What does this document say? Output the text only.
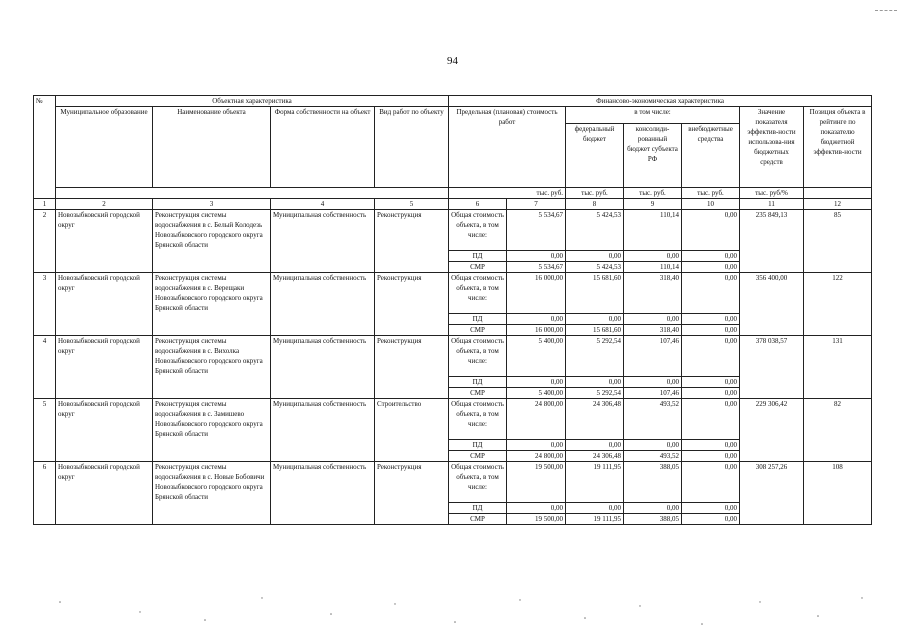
94
№	Объектная характеристика				Финансово-экономическая характеристика						
	Муниципальное образование	Наименование объекта	Форма собственности на объект	Вид работ по объекту	Предельная (плановая) стоимость работ		в том числе:			Значение показателя эффектив-ности использова-ния бюджетных средств	Позиция объекта в рейтинге по показателю бюджетной эффектив-ности
							федеральный бюджет	консолиди-рованный бюджет субъекта РФ	внебюджетные средства		
					тыс. руб.		тыс. руб.	тыс. руб.	тыс. руб.	тыс. руб/%	
1	2	3	4	5	6	7	8	9	10	11	12
2	Новозыбковский городской округ	Реконструкция системы водоснабжения в с. Белый Колодезь Новозыбковского городского округа Брянской области	Муниципальная собственность	Реконструкция	Общая стоимость объекта, в том числе:	5 534,67	5 424,53	110,14	0,00	235 849,13	85
					ПД	0,00	0,00	0,00	0,00		
					СМР	5 534,67	5 424,53	110,14	0,00		
3	Новозыбковский городской округ	Реконструкция системы водоснабжения в с. Верещаки Новозыбковского городского округа Брянской области	Муниципальная собственность	Реконструкция	Общая стоимость объекта, в том числе:	16 000,00	15 681,60	318,40	0,00	356 400,00	122
					ПД	0,00	0,00	0,00	0,00		
					СМР	16 000,00	15 681,60	318,40	0,00		
4	Новозыбковский городской округ	Реконструкция системы водоснабжения в с. Вихолка Новозыбковского городского округа Брянской области	Муниципальная собственность	Реконструкция	Общая стоимость объекта, в том числе:	5 400,00	5 292,54	107,46	0,00	378 038,57	131
					ПД	0,00	0,00	0,00	0,00		
					СМР	5 400,00	5 292,54	107,46	0,00		
5	Новозыбковский городской округ	Реконструкция системы водоснабжения в с. Замишево Новозыбковского городского округа Брянской области	Муниципальная собственность	Строительство	Общая стоимость объекта, в том числе:	24 800,00	24 306,48	493,52	0,00	229 306,42	82
					ПД	0,00	0,00	0,00	0,00		
					СМР	24 800,00	24 306,48	493,52	0,00		
6	Новозыбковский городской округ	Реконструкция системы водоснабжения в с. Новые Бобовичи Новозыбковского городского округа Брянской области	Муниципальная собственность	Реконструкция	Общая стоимость объекта, в том числе:	19 500,00	19 111,95	388,05	0,00	308 257,26	108
					ПД	0,00	0,00	0,00	0,00		
					СМР	19 500,00	19 111,95	388,05	0,00		
